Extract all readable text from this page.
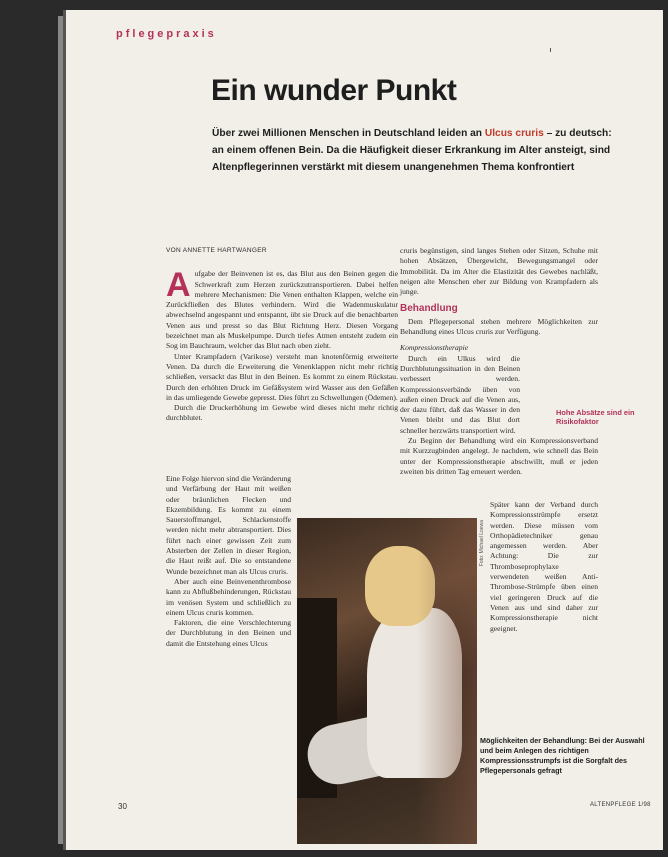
pflegepraxis
Ein wunder Punkt
Über zwei Millionen Menschen in Deutschland leiden an Ulcus cruris – zu deutsch: an einem offenen Bein. Da die Häufigkeit dieser Erkrankung im Alter ansteigt, sind Altenpflegerinnen verstärkt mit diesem unangenehmen Thema konfrontiert

VON ANNETTE HARTWANGER

Aufgabe der Beinvenen ist es, das Blut aus den Beinen gegen die Schwerkraft zum Herzen zurückzutransportieren. Dabei helfen mehrere Mechanismen: Die Venen enthalten Klappen, welche ein Zurückfließen des Blutes verhindern. Wird die Wadenmuskulatur abwechselnd angespannt und entspannt, übt sie Druck auf die benachbarten Venen aus und presst so das Blut Richtung Herz. Diesen Vorgang bezeichnet man als Muskelpumpe. Durch tiefes Atmen entsteht zudem ein Sog im Bauchraum, welcher das Blut nach oben zieht.

Unter Krampfadern (Varikose) versteht man knotenförmig erweiterte Venen. Da durch die Erweiterung die Venenklappen nicht mehr richtig schließen, versackt das Blut in den Beinen. Es kommt zu einem Rückstau. Durch den erhöhten Druck im Gefäßsystem wird Wasser aus den Gefäßen in das umliegende Gewebe gepresst. Dies führt zu Schwellungen (Ödemen).

Durch die Druckerhöhung im Gewebe wird dieses nicht mehr richtig durchblutet.

Eine Folge hiervon sind die Veränderung und Verfärbung der Haut mit weißen oder bräunlichen Flecken und Ekzembildung. Es kommt zu einem Sauerstoffmangel, Schlackenstoffe werden nicht mehr abtransportiert. Dies führt nach einer gewissen Zeit zum Absterben der Zellen in dieser Region, die Haut reißt auf. Die so entstandene Wunde bezeichnet man als Ulcus cruris.

Aber auch eine Beinvenenthrombose kann zu Abflußbehinderungen, Rückstau im venösen System und schließlich zu einem Ulcus cruris kommen.

Faktoren, die eine Verschlechterung der Durchblutung in den Beinen und damit die Entstehung eines Ulcus

cruris begünstigen, sind langes Stehen oder Sitzen, Schuhe mit hohen Absätzen, Übergewicht, Bewegungsmangel oder Immobilität. Da im Alter die Elastizität des Gewebes nachläßt, neigen alte Menschen eher zur Bildung von Krampfadern als junge.

Behandlung

Dem Pflegepersonal stehen mehrere Möglichkeiten zur Behandlung eines Ulcus cruris zur Verfügung.

Kompressionstherapie

Durch ein Ulkus wird die Durchblutungssituation in den Beinen verbessert werden. Kompressionsverbände üben von außen einen Druck auf die Venen aus, der dazu führt, daß das Wasser in den Venen bleibt und das Blut dort schneller herzwärts transportiert wird.

Zu Beginn der Behandlung wird ein Kompressionsverband mit Kurzzugbinden angelegt. Je nachdem, wie schnell das Bein unter der Kompressionstherapie abschwillt, muß er jeden zweiten bis dritten Tag erneuert werden.

Hohe Absätze sind ein Risikofaktor
Foto: Michael Loewa

Später kann der Verband durch Kompressionsstrümpfe ersetzt werden. Diese müssen vom Orthopädietechniker genau angemessen werden. Aber Achtung: Die zur Thromboseprophylaxe verwendeten weißen Anti-Thrombose-Strümpfe üben einen viel geringeren Druck auf die Venen aus und sind daher zur Kompressionstherapie nicht geeignet.

Möglichkeiten der Behandlung: Bei der Auswahl und beim Anlegen des richtigen Kompressionsstrumpfs ist die Sorgfalt des Pflegepersonals gefragt
30	ALTENPFLEGE 1/98
